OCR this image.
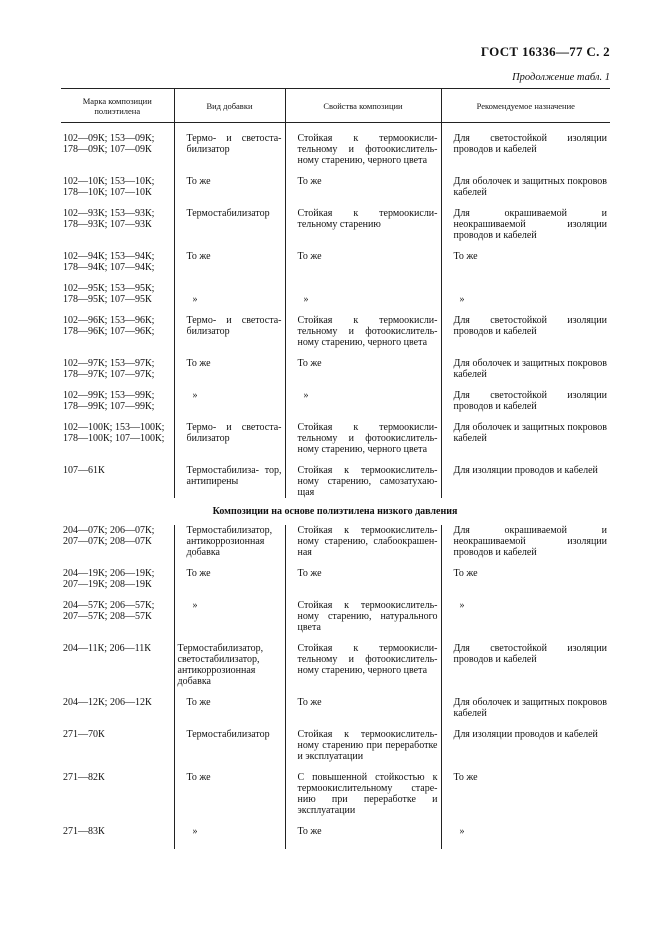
ГОСТ 16336—77 С. 2
Продолжение табл. 1
Марка композиции полиэтилена	Вид добавки	Свойства композиции	Рекомендуемое назначение

102—09К; 153—09К; 178—09К; 107—09К	Термо- и светоста- билизатор	Стойкая к термоокисли- тельному и фотоокислитель- ному старению, черного цвета	Для светостойкой изоляции проводов и кабелей

102—10К; 153—10К; 178—10К; 107—10К	То же	То же	Для оболочек и защитных покровов кабелей

102—93К; 153—93К; 178—93К; 107—93К	Термостабилизатор	Стойкая к термоокисли- тельному старению	Для окрашиваемой и неокрашиваемой изоляции проводов и кабелей

102—94К; 153—94К; 178—94К; 107—94К;	То же	То же	То же

102—95К; 153—95К; 178—95К; 107—95К	»	»	»

102—96К; 153—96К; 178—96К; 107—96К;	Термо- и светоста- билизатор	Стойкая к термоокисли- тельному и фотоокислитель- ному старению, черного цвета	Для светостойкой изоляции проводов и кабелей

102—97К; 153—97К; 178—97К; 107—97К;	То же	То же	Для оболочек и защитных покровов кабелей

102—99К; 153—99К; 178—99К; 107—99К;	»	»	Для светостойкой изоляции проводов и кабелей

102—100К; 153—100К; 178—100К; 107—100К;	Термо- и светоста- билизатор	Стойкая к термоокисли- тельному и фотоокислитель- ному старению, черного цвета	Для оболочек и защитных покровов кабелей

107—61К	Термостабилиза- тор, антипирены	Стойкая к термоокислитель- ному старению, самозатухаю- щая	Для изоляции проводов и кабелей
Композиции на основе полиэтилена низкого давления			
204—07К; 206—07К; 207—07К; 208—07К	Термостабилизатор, антикоррозионная добавка	Стойкая к термоокислитель- ному старению, слабоокрашен- ная	Для окрашиваемой и неокрашиваемой изоляции проводов и кабелей

204—19К; 206—19К; 207—19К; 208—19К	То же	То же	То же

204—57К; 206—57К; 207—57К; 208—57К	»	Стойкая к термоокислитель- ному старению, натурального цвета	»

204—11К; 206—11К	Термостабилизатор, светостабилизатор, антикоррозионная добавка	Стойкая к термоокисли- тельному и фотоокислитель- ному старению, черного цвета	Для светостойкой изоляции проводов и кабелей

204—12К; 206—12К	То же	То же	Для оболочек и защитных покровов кабелей

271—70К	Термостабилизатор	Стойкая к термоокислитель- ному старению при переработке и эксплуатации	Для изоляции проводов и кабелей

271—82К	То же	С повышенной стойкостью к термоокислительному старе- нию при переработке и эксплуатации	То же

271—83К	»	То же	»
